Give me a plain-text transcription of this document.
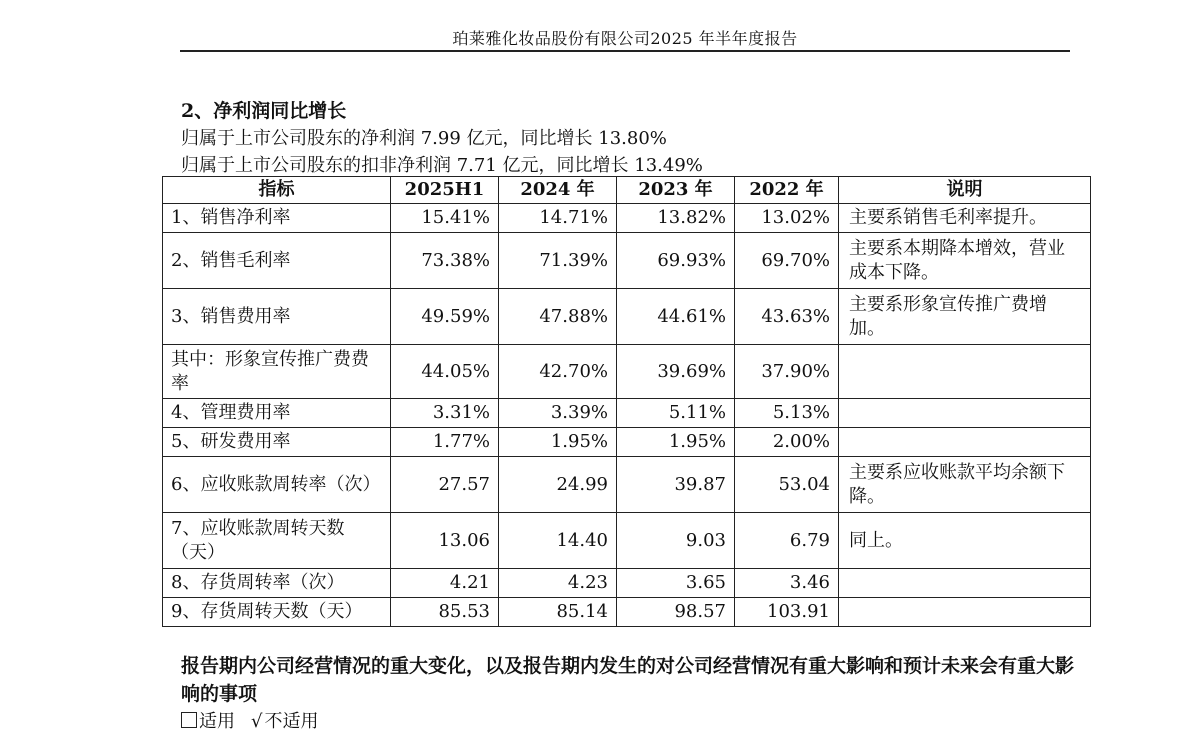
珀莱雅化妆品股份有限公司2025 年半年度报告
2、净利润同比增长
归属于上市公司股东的净利润 7.99 亿元，同比增长 13.80%
归属于上市公司股东的扣非净利润 7.71 亿元，同比增长 13.49%
指标	2025H1	2024 年	2023 年	2022 年	说明
1、销售净利率	15.41%	14.71%	13.82%	13.02%	主要系销售毛利率提升。
2、销售毛利率	73.38%	71.39%	69.93%	69.70%	主要系本期降本增效，营业成本下降。
3、销售费用率	49.59%	47.88%	44.61%	43.63%	主要系形象宣传推广费增加。
其中：形象宣传推广费费率	44.05%	42.70%	39.69%	37.90%	
4、管理费用率	3.31%	3.39%	5.11%	5.13%	
5、研发费用率	1.77%	1.95%	1.95%	2.00%	
6、应收账款周转率（次）	27.57	24.99	39.87	53.04	主要系应收账款平均余额下降。
7、应收账款周转天数（天）	13.06	14.40	9.03	6.79	同上。
8、存货周转率（次）	4.21	4.23	3.65	3.46	
9、存货周转天数（天）	85.53	85.14	98.57	103.91	
报告期内公司经营情况的重大变化，以及报告期内发生的对公司经营情况有重大影响和预计未来会有重大影响的事项
适用 √ 不适用
